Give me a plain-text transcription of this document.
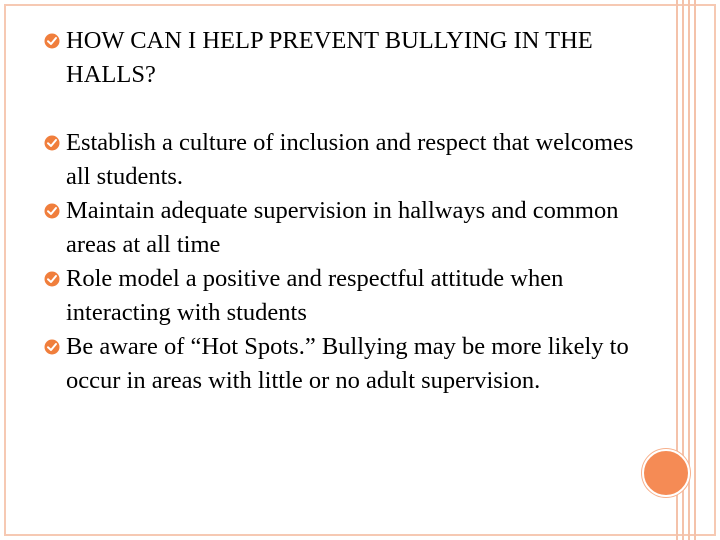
HOW CAN I HELP PREVENT BULLYING IN THE HALLS?
Establish a culture of inclusion and respect that welcomes all students.
Maintain adequate supervision in hallways and common areas at all time
Role model a positive and respectful attitude when interacting with students
Be aware of “Hot Spots.” Bullying may be more likely to occur in areas with little or no adult supervision.
